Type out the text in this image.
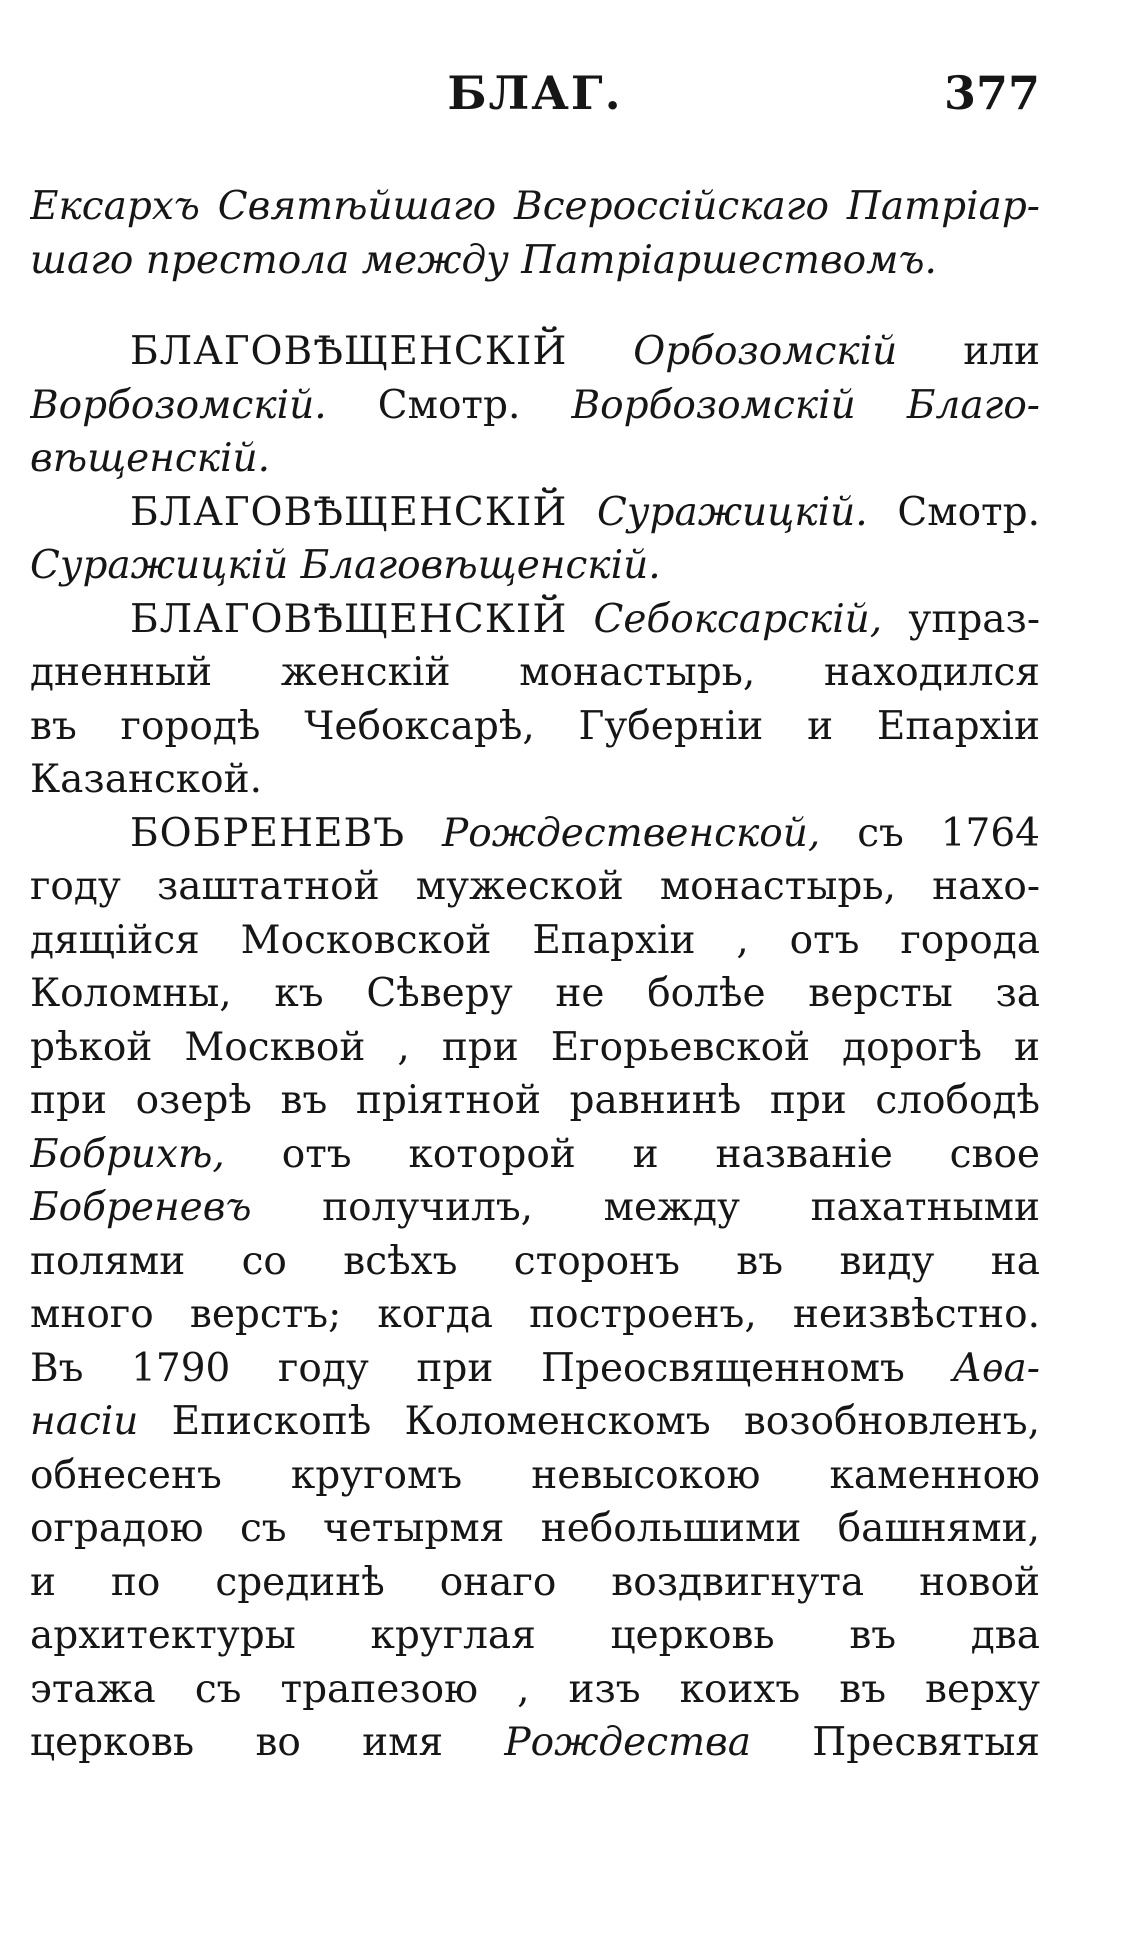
БЛАГ.	377
Ексархъ Святѣйшаго Всероссійскаго Патріар-
шаго престола между Патріаршествомъ.
БЛАГОВѢЩЕНСКІЙ Орбозомскій или
Ворбозомскій. Смотр. Ворбозомскій Благо-
вѣщенскій.
БЛАГОВѢЩЕНСКІЙ Суражицкій. Смотр.
Суражицкій Благовѣщенскій.
БЛАГОВѢЩЕНСКІЙ Себоксарскій, упраз-
дненный женскій монастырь, находился
въ городѣ Чебоксарѣ, Губерніи и Епархіи
Казанской.
БОБРЕНЕВЪ Рождественской, съ 1764
году заштатной мужеской монастырь, нахо-
дящійся Московской Епархіи , отъ города
Коломны, къ Сѣверу не болѣе версты за
рѣкой Москвой , при Егорьевской дорогѣ и
при озерѣ въ пріятной равнинѣ при слободѣ
Бобрихѣ, отъ которой и названіе свое
Бобреневъ получилъ, между пахатными
полями со всѣхъ сторонъ въ виду на
много верстъ; когда построенъ, неизвѣстно.
Въ 1790 году при Преосвященномъ Аѳа-
насіи Епископѣ Коломенскомъ возобновленъ,
обнесенъ кругомъ невысокою каменною
оградою съ четырмя небольшими башнями,
и по срединѣ онаго воздвигнута новой
архитектуры круглая церковь въ два
этажа съ трапезою , изъ коихъ въ верху
церковь во имя Рождества Пресвятыя
